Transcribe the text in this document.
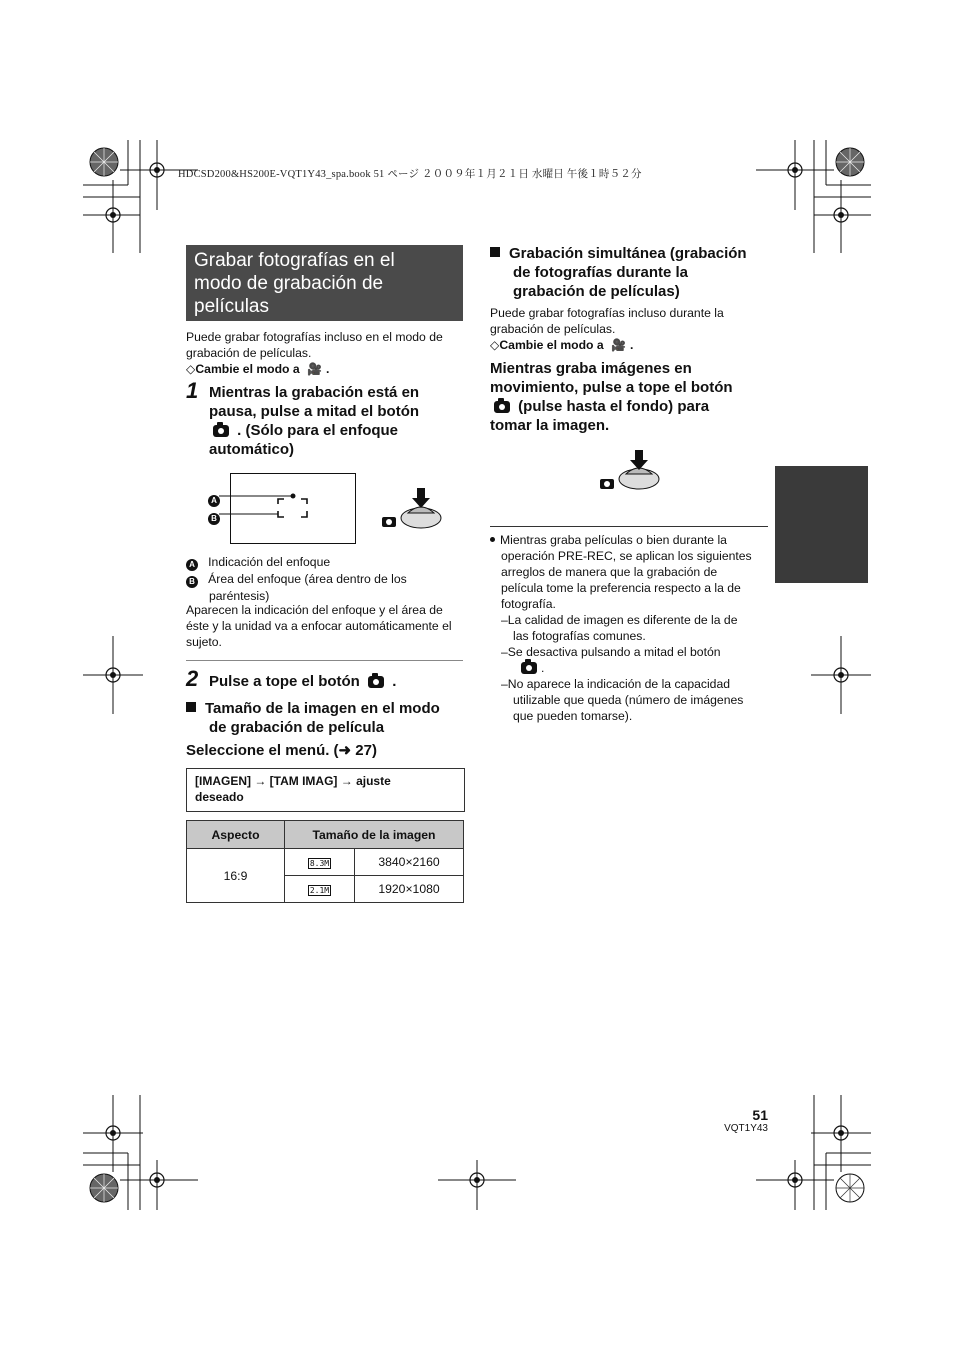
HDCSD200&HS200E-VQT1Y43_spa.book 51 ページ ２００９年１月２１日 水曜日 午後１時５２分
Grabar fotografías en el
modo de grabación de
películas
Puede grabar fotografías incluso en el modo de
grabación de películas.
◇Cambie el modo a 🎥 .
1 Mientras la grabación está en
pausa, pulse a mitad el botón
. (Sólo para el enfoque
automático)
A
B
A Indicación del enfoque
B Área del enfoque (área dentro de los
paréntesis)
Aparecen la indicación del enfoque y el área de
éste y la unidad va a enfocar automáticamente el
sujeto.
2 Pulse a tope el botón .
Tamaño de la imagen en el modo
de grabación de película
Seleccione el menú. (➜ 27)
[IMAGEN] → [TAM IMAG] → ajuste
deseado
Aspecto	Tamaño de la imagen	
16:9	8.3M	3840×2160
	2.1M	1920×1080
Grabación simultánea (grabación
de fotografías durante la
grabación de películas)
Puede grabar fotografías incluso durante la
grabación de películas.
◇Cambie el modo a 🎥 .
Mientras graba imágenes en
movimiento, pulse a tope el botón
(pulse hasta el fondo) para
tomar la imagen.
Mientras graba películas o bien durante la
operación PRE-REC, se aplican los siguientes
arreglos de manera que la grabación de
película tome la preferencia respecto a la de
fotografía.
–La calidad de imagen es diferente de la de
las fotografías comunes.
–Se desactiva pulsando a mitad el botón
.
–No aparece la indicación de la capacidad
utilizable que queda (número de imágenes
que pueden tomarse).
51
VQT1Y43
